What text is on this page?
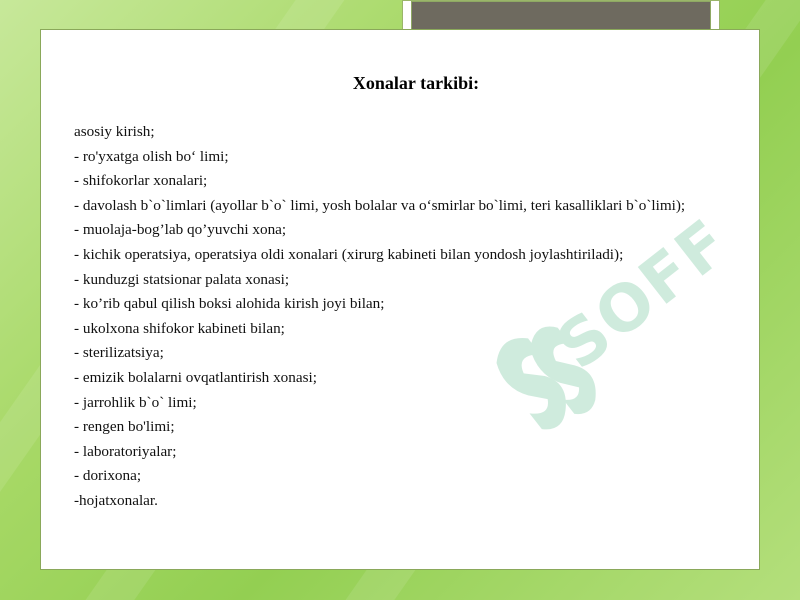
SOFF
Xonalar tarkibi:
asosiy kirish;
- ro'yxatga olish bo‘ limi;
- shifokorlar xonalari;
- davolash b`o`limlari (ayollar b`o` limi, yosh bolalar va o‘smirlar bo`limi, teri kasalliklari b`o`limi);
- muolaja-bog’lab qo’yuvchi xona;
- kichik operatsiya, operatsiya oldi xonalari (xirurg kabineti bilan yondosh joylashtiriladi);
- kunduzgi statsionar palata xonasi;
- ko’rib qabul qilish boksi alohida kirish joyi bilan;
- ukolxona shifokor kabineti bilan;
- sterilizatsiya;
- emizik bolalarni ovqatlantirish xonasi;
- jarrohlik b`o` limi;
- rengen bo'limi;
- laboratoriyalar;
- dorixona;
-hojatxonalar.
